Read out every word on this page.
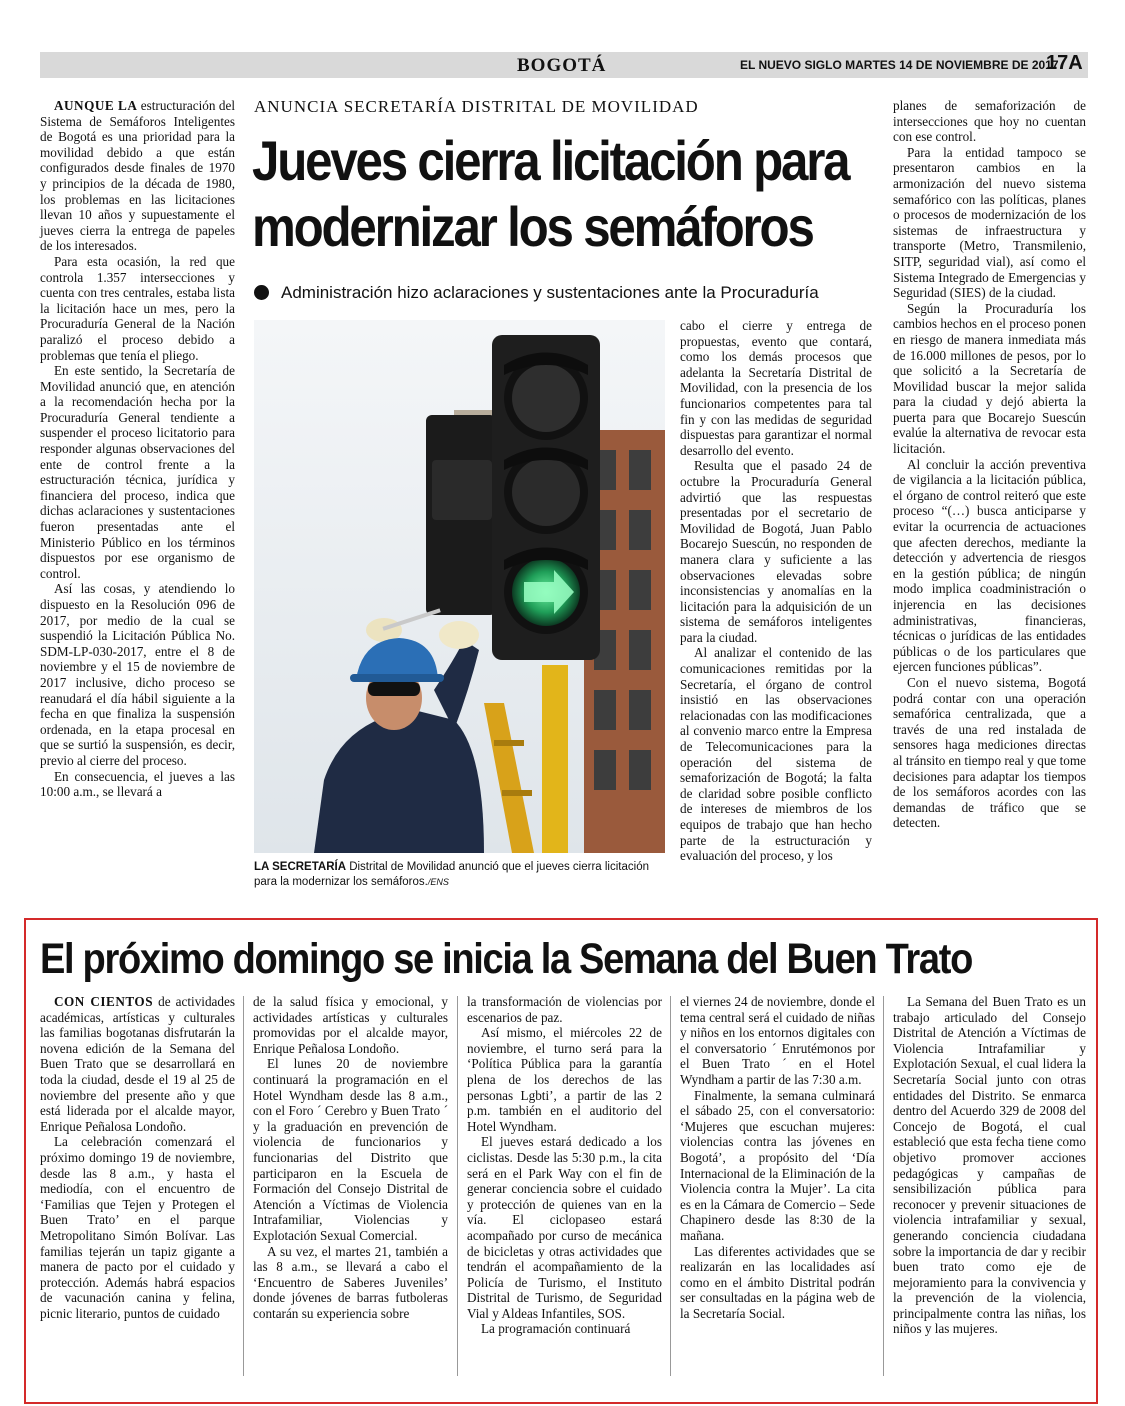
BOGOTÁ	EL NUEVO SIGLO MARTES 14 DE NOVIEMBRE DE 2017
17A

AUNQUE LA estructuración del Sistema de Semáforos Inteligentes de Bogotá es una prioridad para la movilidad debido a que están configurados desde finales de 1970 y principios de la década de 1980, los problemas en las licitaciones llevan 10 años y supuestamente el jueves cierra la entrega de papeles de los interesados.

Para esta ocasión, la red que controla 1.357 intersecciones y cuenta con tres centrales, estaba lista la licitación hace un mes, pero la Procuraduría General de la Nación paralizó el proceso debido a problemas que tenía el pliego.

En este sentido, la Secretaría de Movilidad anunció que, en atención a la recomendación hecha por la Procuraduría General tendiente a suspender el proceso licitatorio para responder algunas observaciones del ente de control frente a la estructuración técnica, jurídica y financiera del proceso, indica que dichas aclaraciones y sustentaciones fueron presentadas ante el Ministerio Público en los términos dispuestos por ese organismo de control.

Así las cosas, y atendiendo lo dispuesto en la Resolución 096 de 2017, por medio de la cual se suspendió la Licitación Pública No. SDM-LP-030-2017, entre el 8 de noviembre y el 15 de noviembre de 2017 inclusive, dicho proceso se reanudará el día hábil siguiente a la fecha en que finaliza la suspensión ordenada, en la etapa procesal en que se surtió la suspensión, es decir, previo al cierre del proceso.

En consecuencia, el jueves a las 10:00 a.m., se llevará a

ANUNCIA SECRETARÍA DISTRITAL DE MOVILIDAD
Jueves cierra licitación para
modernizar los semáforos
Administración hizo aclaraciones y sustentaciones ante la Procuraduría
LA SECRETARÍA Distrital de Movilidad anunció que el jueves cierra licitación para la modernizar los semáforos./ENS

cabo el cierre y entrega de propuestas, evento que contará, como los demás procesos que adelanta la Secretaría Distrital de Movilidad, con la presencia de los funcionarios competentes para tal fin y con las medidas de seguridad dispuestas para garantizar el normal desarrollo del evento.

Resulta que el pasado 24 de octubre la Procuraduría General advirtió que las respuestas presentadas por el secretario de Movilidad de Bogotá, Juan Pablo Bocarejo Suescún, no responden de manera clara y suficiente a las observaciones elevadas sobre inconsistencias y anomalías en la licitación para la adquisición de un sistema de semáforos inteligentes para la ciudad.

Al analizar el contenido de las comunicaciones remitidas por la Secretaría, el órgano de control insistió en las observaciones relacionadas con las modificaciones al convenio marco entre la Empresa de Telecomunicaciones para la operación del sistema de semaforización de Bogotá; la falta de claridad sobre posible conflicto de intereses de miembros de los equipos de trabajo que han hecho parte de la estructuración y evaluación del proceso, y los

planes de semaforización de intersecciones que hoy no cuentan con ese control.

Para la entidad tampoco se presentaron cambios en la armonización del nuevo sistema semafórico con las políticas, planes o procesos de modernización de los sistemas de infraestructura y transporte (Metro, Transmilenio, SITP, seguridad vial), así como el Sistema Integrado de Emergencias y Seguridad (SIES) de la ciudad.

Según la Procuraduría los cambios hechos en el proceso ponen en riesgo de manera inmediata más de 16.000 millones de pesos, por lo que solicitó a la Secretaría de Movilidad buscar la mejor salida para la ciudad y dejó abierta la puerta para que Bocarejo Suescún evalúe la alternativa de revocar esta licitación.

Al concluir la acción preventiva de vigilancia a la licitación pública, el órgano de control reiteró que este proceso “(…) busca anticiparse y evitar la ocurrencia de actuaciones que afecten derechos, mediante la detección y advertencia de riesgos en la gestión pública; de ningún modo implica coadministración o injerencia en las decisiones administrativas, financieras, técnicas o jurídicas de las entidades públicas o de los particulares que ejercen funciones públicas”.

Con el nuevo sistema, Bogotá podrá contar con una operación semafórica centralizada, que a través de una red instalada de sensores haga mediciones directas al tránsito en tiempo real y que tome decisiones para adaptar los tiempos de los semáforos acordes con las demandas de tráfico que se detecten.

El próximo domingo se inicia la Semana del Buen Trato

CON CIENTOS de actividades académicas, artísticas y culturales las familias bogotanas disfrutarán la novena edición de la Semana del Buen Trato que se desarrollará en toda la ciudad, desde el 19 al 25 de noviembre del presente año y que está liderada por el alcalde mayor, Enrique Peñalosa Londoño.

La celebración comenzará el próximo domingo 19 de noviembre, desde las 8 a.m., y hasta el mediodía, con el encuentro de ‘Familias que Tejen y Protegen el Buen Trato’ en el parque Metropolitano Simón Bolívar. Las familias tejerán un tapiz gigante a manera de pacto por el cuidado y protección. Además habrá espacios de vacunación canina y felina, picnic literario, puntos de cuidado

de la salud física y emocional, y actividades artísticas y culturales promovidas por el alcalde mayor, Enrique Peñalosa Londoño.

El lunes 20 de noviembre continuará la programación en el Hotel Wyndham desde las 8 a.m., con el Foro ´ Cerebro y Buen Trato ´ y la graduación en prevención de violencia de funcionarios y funcionarias del Distrito que participaron en la Escuela de Formación del Consejo Distrital de Atención a Víctimas de Violencia Intrafamiliar, Violencias y Explotación Sexual Comercial.

A su vez, el martes 21, también a las 8 a.m., se llevará a cabo el ‘Encuentro de Saberes Juveniles’ donde jóvenes de barras futboleras contarán su experiencia sobre

la transformación de violencias por escenarios de paz.

Así mismo, el miércoles 22 de noviembre, el turno será para la ‘Política Pública para la garantía plena de los derechos de las personas Lgbti’, a partir de las 2 p.m. también en el auditorio del Hotel Wyndham.

El jueves estará dedicado a los ciclistas. Desde las 5:30 p.m., la cita será en el Park Way con el fin de generar conciencia sobre el cuidado y protección de quienes van en la vía. El ciclopaseo estará acompañado por curso de mecánica de bicicletas y otras actividades que tendrán el acompañamiento de la Policía de Turismo, el Instituto Distrital de Turismo, de Seguridad Vial y Aldeas Infantiles, SOS.

La programación continuará

el viernes 24 de noviembre, donde el tema central será el cuidado de niñas y niños en los entornos digitales con el conversatorio ´ Enrutémonos por el Buen Trato ´ en el Hotel Wyndham a partir de las 7:30 a.m.

Finalmente, la semana culminará el sábado 25, con el conversatorio: ‘Mujeres que escuchan mujeres: violencias contra las jóvenes en Bogotá’, a propósito del ‘Día Internacional de la Eliminación de la Violencia contra la Mujer’. La cita es en la Cámara de Comercio – Sede Chapinero desde las 8:30 de la mañana.

Las diferentes actividades que se realizarán en las localidades así como en el ámbito Distrital podrán ser consultadas en la página web de la Secretaría Social.

La Semana del Buen Trato es un trabajo articulado del Consejo Distrital de Atención a Víctimas de Violencia Intrafamiliar y Explotación Sexual, el cual lidera la Secretaría Social junto con otras entidades del Distrito. Se enmarca dentro del Acuerdo 329 de 2008 del Concejo de Bogotá, el cual estableció que esta fecha tiene como objetivo promover acciones pedagógicas y campañas de sensibilización pública para reconocer y prevenir situaciones de violencia intrafamiliar y sexual, generando conciencia ciudadana sobre la importancia de dar y recibir buen trato como eje de mejoramiento para la convivencia y la prevención de la violencia, principalmente contra las niñas, los niños y las mujeres.
